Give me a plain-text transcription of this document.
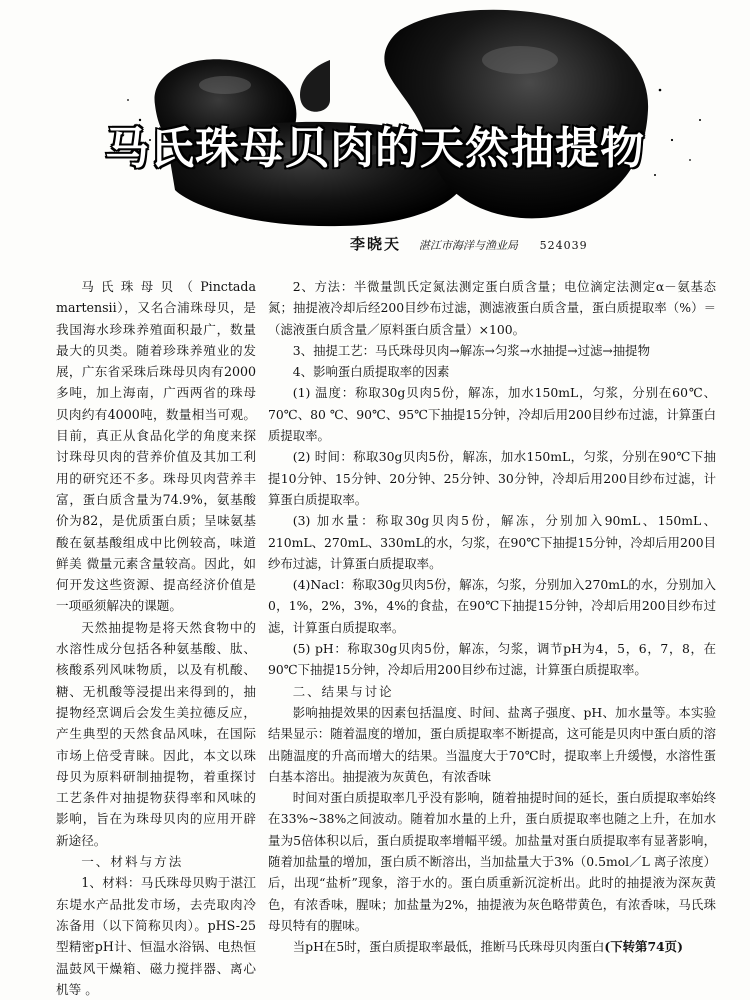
马氏珠母贝肉的天然抽提物
李晓天 湛江市海洋与渔业局 524039

马氏珠母贝（Pinctada martensii），又名合浦珠母贝，是我国海水珍珠养殖面积最广，数量最大的贝类。随着珍珠养殖业的发展，广东省采珠后珠母贝肉有2000多吨，加上海南，广西两省的珠母贝肉约有4000吨，数量相当可观。目前，真正从食品化学的角度来探讨珠母贝肉的营养价值及其加工利用的研究还不多。珠母贝肉营养丰富，蛋白质含量为74.9%，氨基酸价为82，是优质蛋白质；呈味氨基酸在氨基酸组成中比例较高，味道鲜美 微量元素含量较高。因此，如何开发这些资源、提高经济价值是一项亟须解决的课题。

天然抽提物是将天然食物中的水溶性成分包括各种氨基酸、肽、核酸系列风味物质，以及有机酸、糖、无机酸等浸提出来得到的，抽提物经烹调后会发生美拉德反应，产生典型的天然食品风味，在国际市场上倍受青睐。因此，本文以珠母贝为原料研制抽提物，着重探讨工艺条件对抽提物获得率和风味的影响，旨在为珠母贝肉的应用开辟新途径。

一、材料与方法

1、材料：马氏珠母贝购于湛江东堤水产品批发市场，去壳取肉冷冻备用（以下简称贝肉）。pHS-25型精密pH计、恒温水浴锅、电热恒温鼓风干燥箱、磁力搅拌器、离心机等 。

2、方法：半微量凯氏定氮法测定蛋白质含量；电位滴定法测定α－氨基态氮；抽提液冷却后经200目纱布过滤，测滤液蛋白质含量，蛋白质提取率（%）＝（滤液蛋白质含量／原料蛋白质含量）×100。

3、抽提工艺：马氏珠母贝肉→解冻→匀浆→水抽提→过滤→抽提物

4、影响蛋白质提取率的因素

(1) 温度：称取30g贝肉5份，解冻，加水150mL，匀浆，分别在60℃、70℃、80 ℃、90℃、95℃下抽提15分钟，冷却后用200目纱布过滤，计算蛋白质提取率。

(2) 时间：称取30g贝肉5份，解冻，加水150mL，匀浆，分别在90℃下抽提10分钟、15分钟、20分钟、25分钟、30分钟，冷却后用200目纱布过滤，计算蛋白质提取率。

(3) 加水量：称取30g贝肉5份，解冻，分别加入90mL、150mL、210mL、270mL、330mL的水，匀浆，在90℃下抽提15分钟，冷却后用200目纱布过滤，计算蛋白质提取率。

(4)Nacl：称取30g贝肉5份，解冻，匀浆，分别加入270mL的水，分别加入0，1%，2%，3%，4%的食盐，在90℃下抽提15分钟，冷却后用200目纱布过滤，计算蛋白质提取率。

(5) pH：称取30g贝肉5份，解冻，匀浆，调节pH为4，5，6，7，8，在90℃下抽提15分钟，冷却后用200目纱布过滤，计算蛋白质提取率。

二、结果与讨论

影响抽提效果的因素包括温度、时间、盐离子强度、pH、加水量等。本实验结果显示：随着温度的增加，蛋白质提取率不断提高，这可能是贝肉中蛋白质的溶出随温度的升高而增大的结果。当温度大于70℃时，提取率上升缓慢，水溶性蛋白基本溶出。抽提液为灰黄色，有浓香味

时间对蛋白质提取率几乎没有影响，随着抽提时间的延长，蛋白质提取率始终在33%~38%之间波动。随着加水量的上升，蛋白质提取率也随之上升，在加水量为5倍体积以后，蛋白质提取率增幅平缓。加盐量对蛋白质提取率有显著影响，随着加盐量的增加，蛋白质不断溶出，当加盐量大于3%（0.5mol／L 离子浓度）后，出现“盐析”现象，溶于水的。蛋白质重新沉淀析出。此时的抽提液为深灰黄色，有浓香味，腥味；加盐量为2%，抽提液为灰色略带黄色，有浓香味，马氏珠母贝特有的腥味。

当pH在5时，蛋白质提取率最低，推断马氏珠母贝肉蛋白(下转第74页)
